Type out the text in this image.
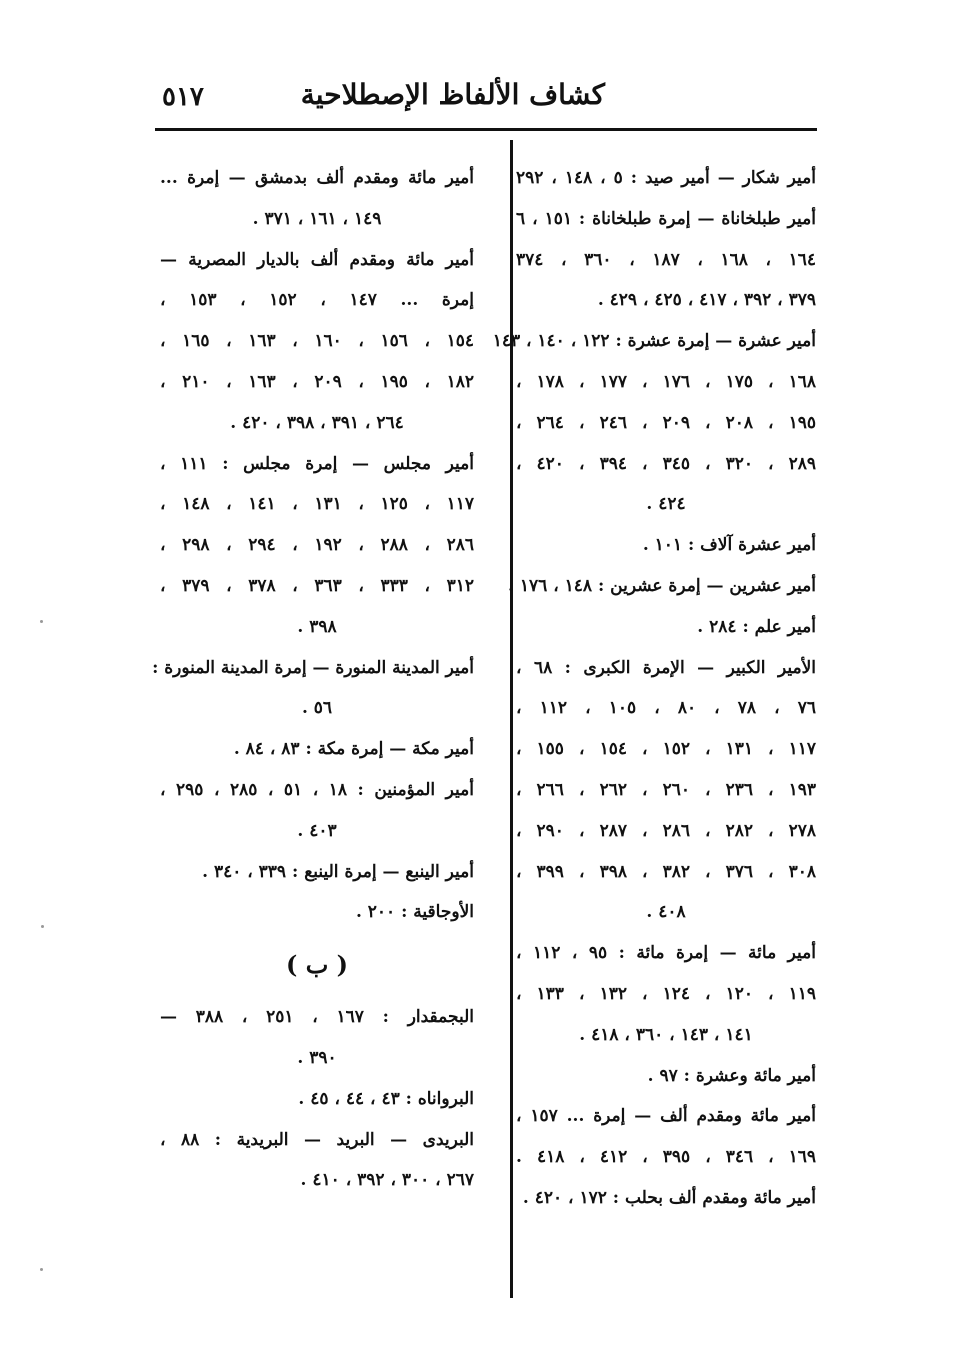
٥١٧	كشاف الألفاظ الإصطلاحية
أمير شكار — أمير صيد : ٥ ، ١٤٨ ، ٢٩٢
أمير طبلخاناة — إمرة طبلخاناة : ١٥١ ، ٦
١٦٤ ، ١٦٨ ، ١٨٧ ، ٣٦٠ ، ٣٧٤
٣٧٩ ، ٣٩٢ ، ٤١٧ ، ٤٢٥ ، ٤٢٩ .
أمير عشرة — إمرة عشرة : ١٢٢ ، ١٤٠ ، ١٤٣
١٦٨ ، ١٧٥ ، ١٧٦ ، ١٧٧ ، ١٧٨ ،
١٩٥ ، ٢٠٨ ، ٢٠٩ ، ٢٤٦ ، ٢٦٤ ،
٢٨٩ ، ٣٢٠ ، ٣٤٥ ، ٣٩٤ ، ٤٢٠ ،
٤٢٤ .
أمير عشرة آلاف : ١٠١ .
أمير عشرين — إمرة عشرين : ١٤٨ ، ١٧٦ .
أمير علم : ٢٨٤ .
الأمير الكبير — الإمرة الكبرى : ٦٨ ،
٧٦ ، ٧٨ ، ٨٠ ، ١٠٥ ، ١١٢ ،
١١٧ ، ١٣١ ، ١٥٢ ، ١٥٤ ، ١٥٥ ،
١٩٣ ، ٢٣٦ ، ٢٦٠ ، ٢٦٢ ، ٢٦٦ ،
٢٧٨ ، ٢٨٢ ، ٢٨٦ ، ٢٨٧ ، ٢٩٠ ،
٣٠٨ ، ٣٧٦ ، ٣٨٢ ، ٣٩٨ ، ٣٩٩ ،
٤٠٨ .
أمير مائة — إمرة مائة : ٩٥ ، ١١٢ ،
١١٩ ، ١٢٠ ، ١٢٤ ، ١٣٢ ، ١٣٣ ،
١٤١ ، ١٤٣ ، ٣٦٠ ، ٤١٨ .
أمير مائة وعشرة : ٩٧ .
أمير مائة ومقدم ألف — إمرة ... ١٥٧ ،
١٦٩ ، ٣٤٦ ، ٣٩٥ ، ٤١٢ ، ٤١٨ .
أمير مائة ومقدم ألف بحلب : ١٧٢ ، ٤٢٠ .
أمير مائة ومقدم ألف بدمشق — إمرة ...
١٤٩ ، ١٦١ ، ٣٧١ .
أمير مائة ومقدم ألف بالديار المصرية —
إمرة ... ١٤٧ ، ١٥٢ ، ١٥٣ ،
١٥٤ ، ١٥٦ ، ١٦٠ ، ١٦٣ ، ١٦٥ ،
١٨٢ ، ١٩٥ ، ٢٠٩ ، ١٦٣ ، ٢١٠ ،
٢٦٤ ، ٣٩١ ، ٣٩٨ ، ٤٢٠ .
أمير مجلس — إمرة مجلس : ١١١ ،
١١٧ ، ١٢٥ ، ١٣١ ، ١٤١ ، ١٤٨ ،
٢٨٦ ، ٢٨٨ ، ١٩٢ ، ٢٩٤ ، ٢٩٨ ،
٣١٢ ، ٣٣٣ ، ٣٦٣ ، ٣٧٨ ، ٣٧٩ ،
٣٩٨ .
أمير المدينة المنورة — إمرة المدينة المنورة :
٥٦ .
أمير مكة — إمرة مكة : ٨٣ ، ٨٤ .
أمير المؤمنين : ١٨ ، ٥١ ، ٢٨٥ ، ٢٩٥ ،
٤٠٣ .
أمير الينبع — إمرة الينبع : ٣٣٩ ، ٣٤٠ .
الأوجاقية : ٢٠٠ .
( ب )
البجمقدار : ١٦٧ ، ٢٥١ ، ٣٨٨ —
٣٩٠ .
البرواناه : ٤٣ ، ٤٤ ، ٤٥ .
البريدى — البريد — البريدية : ٨٨ ،
٢٦٧ ، ٣٠٠ ، ٣٩٢ ، ٤١٠ .
